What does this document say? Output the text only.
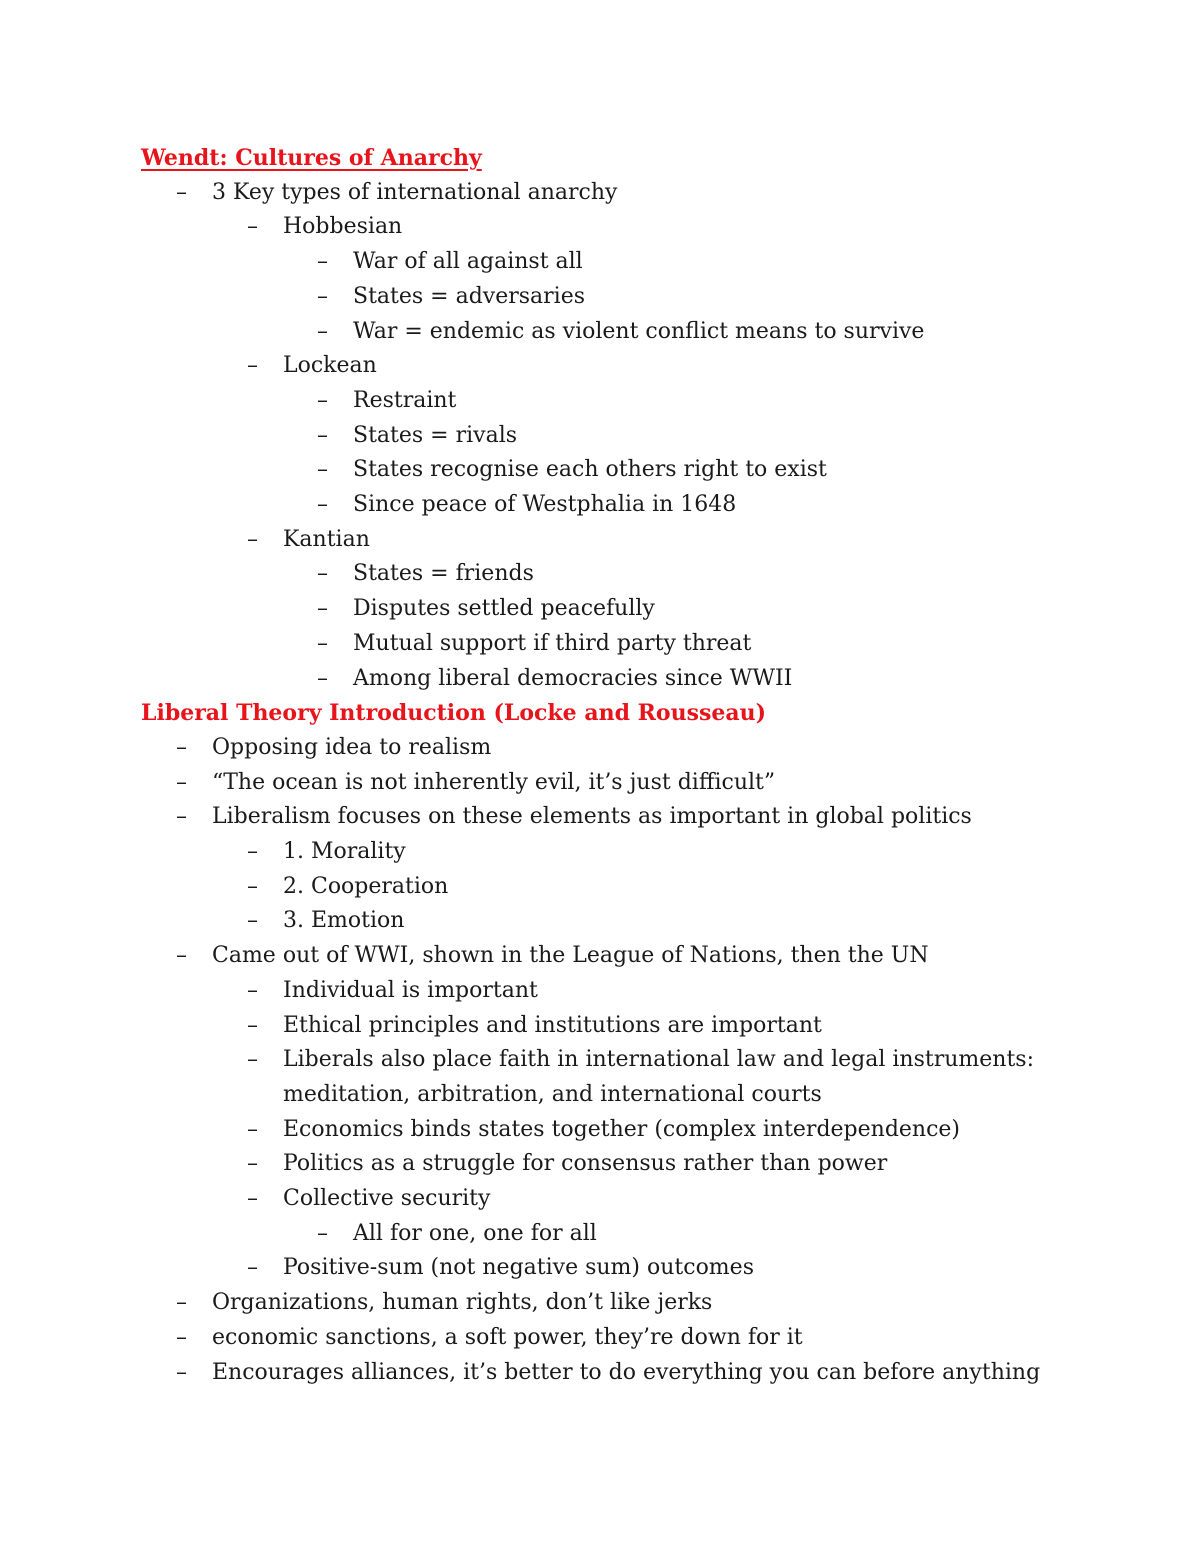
Wendt: Cultures of Anarchy
–	3 Key types of international anarchy
–	Hobbesian
–	War of all against all
–	States = adversaries
–	War = endemic as violent conflict means to survive
–	Lockean
–	Restraint
–	States = rivals
–	States recognise each others right to exist
–	Since peace of Westphalia in 1648
–	Kantian
–	States = friends
–	Disputes settled peacefully
–	Mutual support if third party threat
–	Among liberal democracies since WWII
Liberal Theory Introduction (Locke and Rousseau)
–	Opposing idea to realism
–	“The ocean is not inherently evil, it’s just difficult”
–	Liberalism focuses on these elements as important in global politics
–	1. Morality
–	2. Cooperation
–	3. Emotion
–	Came out of WWI, shown in the League of Nations, then the UN
–	Individual is important
–	Ethical principles and institutions are important
–	Liberals also place faith in international law and legal instruments:
meditation, arbitration, and international courts
–	Economics binds states together (complex interdependence)
–	Politics as a struggle for consensus rather than power
–	Collective security
–	All for one, one for all
–	Positive-sum (not negative sum) outcomes
–	Organizations, human rights, don’t like jerks
–	economic sanctions, a soft power, they’re down for it
–	Encourages alliances, it’s better to do everything you can before anything
